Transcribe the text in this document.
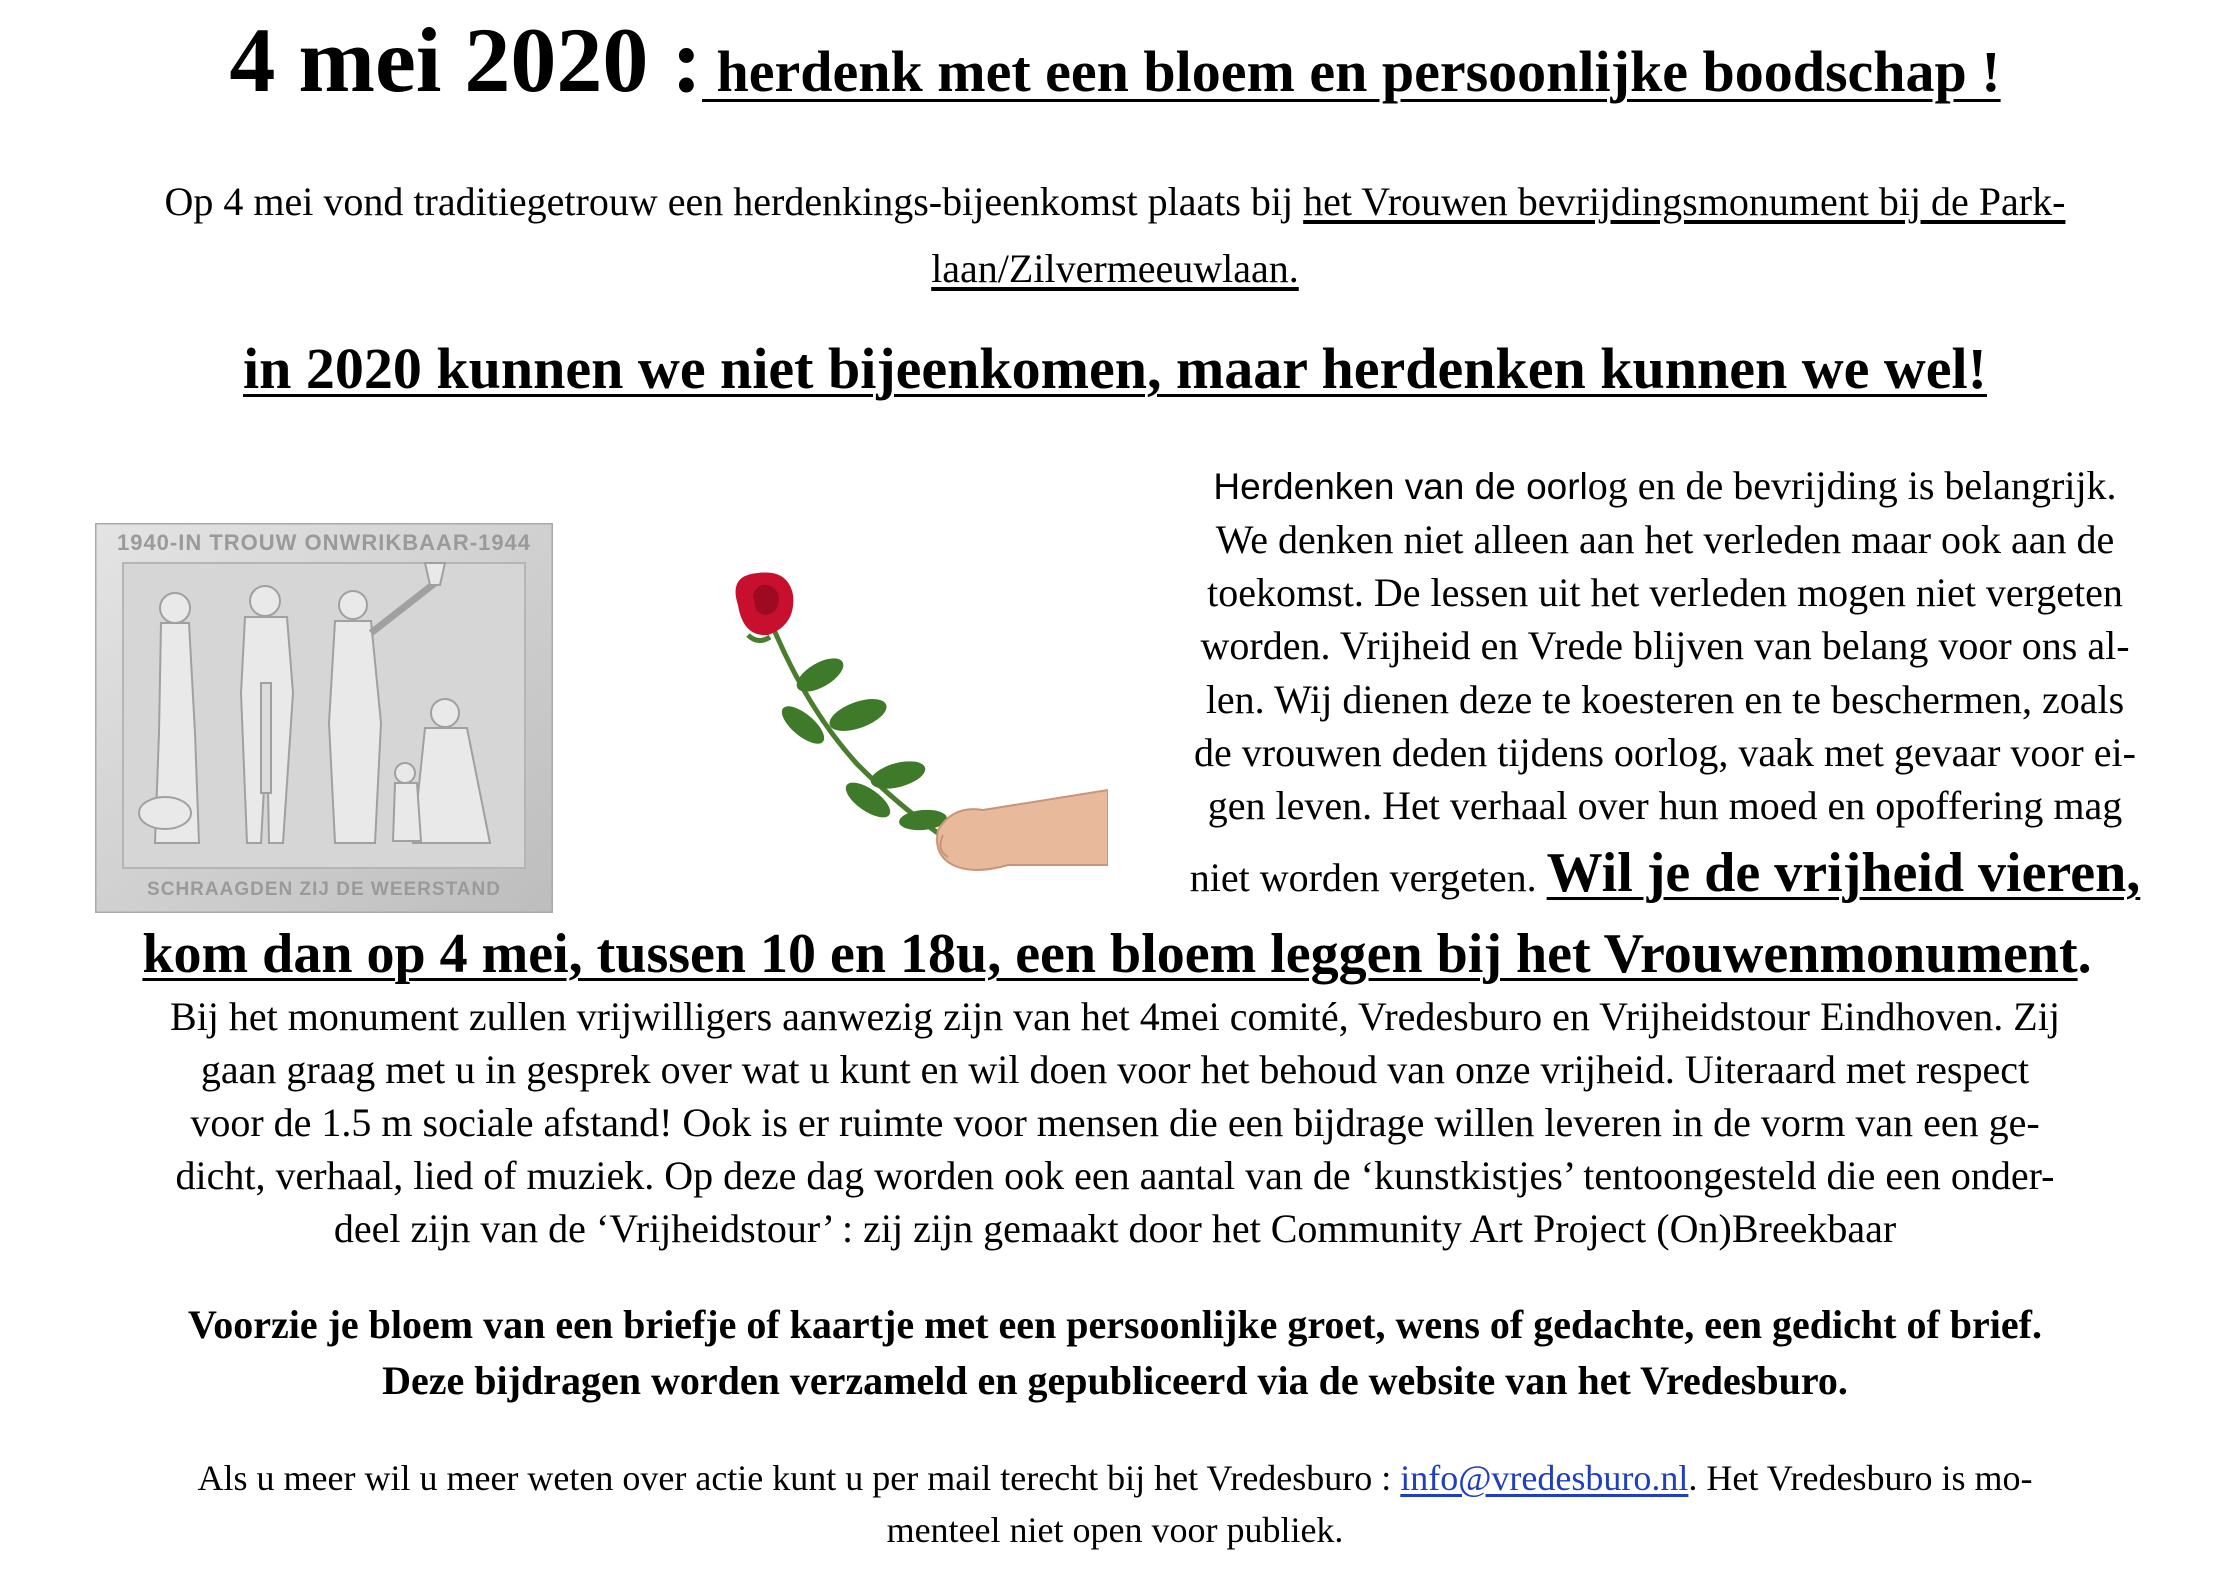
4 mei 2020 : herdenk met een bloem en persoonlijke boodschap !
Op 4 mei vond traditiegetrouw een herdenkings-bijeenkomst plaats bij het Vrouwen bevrijdingsmonument bij de Park-
laan/Zilvermeeuwlaan.
in 2020 kunnen we niet bijeenkomen, maar herdenken kunnen we wel!
1940-IN TROUW ONWRIKBAAR-1944
SCHRAAGDEN ZIJ DE WEERSTAND
Herdenken van de oorlog en de bevrijding is belangrijk.
We denken niet alleen aan het verleden maar ook aan de
toekomst. De lessen uit het verleden mogen niet vergeten
worden. Vrijheid en Vrede blijven van belang voor ons al-
len. Wij dienen deze te koesteren en te beschermen, zoals
de vrouwen deden tijdens oorlog, vaak met gevaar voor ei-
gen leven. Het verhaal over hun moed en opoffering mag
niet worden vergeten. Wil je de vrijheid vieren,
kom dan op 4 mei, tussen 10 en 18u, een bloem leggen bij het Vrouwenmonument.
Bij het monument zullen vrijwilligers aanwezig zijn van het 4mei comité, Vredesburo en Vrijheidstour Eindhoven. Zij
gaan graag met u in gesprek over wat u kunt en wil doen voor het behoud van onze vrijheid. Uiteraard met respect
voor de 1.5 m sociale afstand! Ook is er ruimte voor mensen die een bijdrage willen leveren in de vorm van een ge-
dicht, verhaal, lied of muziek. Op deze dag worden ook een aantal van de ‘kunstkistjes’ tentoongesteld die een onder-
deel zijn van de ‘Vrijheidstour’ : zij zijn gemaakt door het Community Art Project (On)Breekbaar
Voorzie je bloem van een briefje of kaartje met een persoonlijke groet, wens of gedachte, een gedicht of brief.
Deze bijdragen worden verzameld en gepubliceerd via de website van het Vredesburo.
Als u meer wil u meer weten over actie kunt u per mail terecht bij het Vredesburo : info@vredesburo.nl. Het Vredesburo is mo-
menteel niet open voor publiek.
